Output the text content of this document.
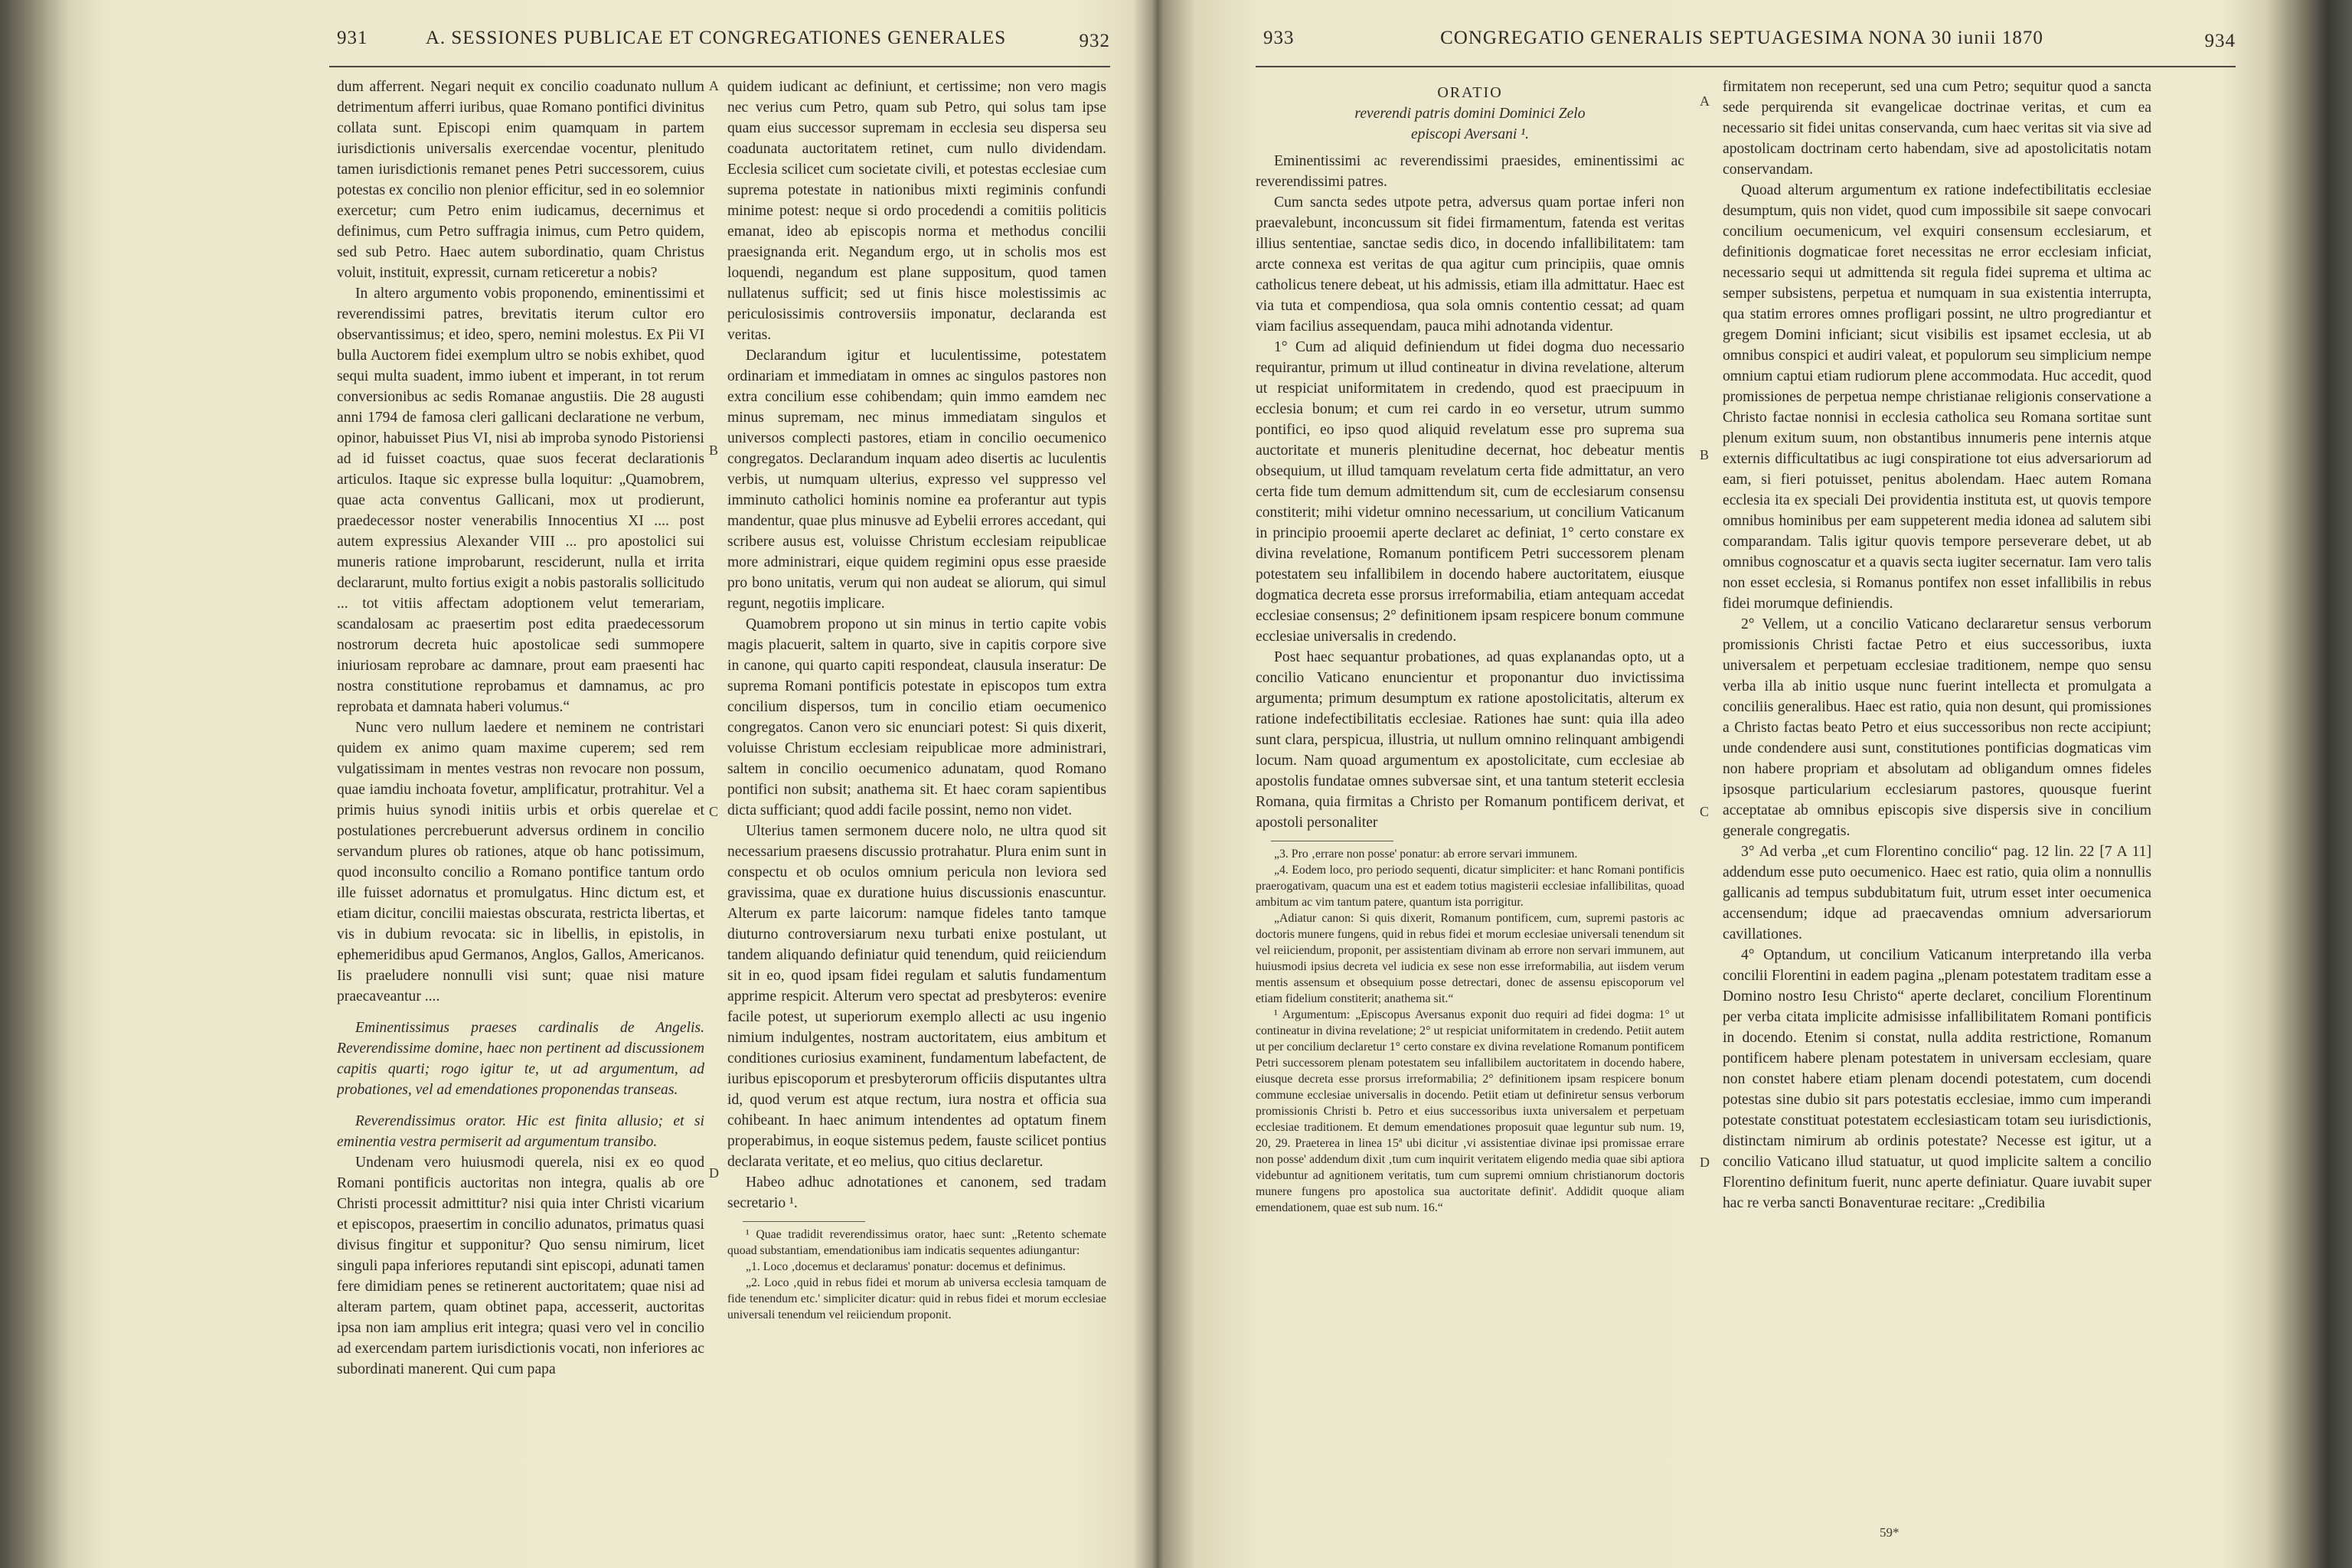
931	A. SESSIONES PUBLICAE ET CONGREGATIONES GENERALES	932

dum afferrent. Negari nequit ex concilio coadunato nullum detrimentum afferri iuribus, quae Romano pontifici divinitus collata sunt. Episcopi enim quamquam in partem iurisdictionis universalis exercendae vocentur, plenitudo tamen iurisdictionis remanet penes Petri successorem, cuius potestas ex concilio non plenior efficitur, sed in eo solemnior exercetur; cum Petro enim iudicamus, decernimus et definimus, cum Petro suffragia inimus, cum Petro quidem, sed sub Petro. Haec autem subordinatio, quam Christus voluit, instituit, expressit, curnam reticeretur a nobis?

In altero argumento vobis proponendo, eminentissimi et reverendissimi patres, brevitatis iterum cultor ero observantissimus; et ideo, spero, nemini molestus. Ex Pii VI bulla Auctorem fidei exemplum ultro se nobis exhibet, quod sequi multa suadent, immo iubent et imperant, in tot rerum conversionibus ac sedis Romanae angustiis. Die 28 augusti anni 1794 de famosa cleri gallicani declaratione ne verbum, opinor, habuisset Pius VI, nisi ab improba synodo Pistoriensi ad id fuisset coactus, quae suos fecerat declarationis articulos. Itaque sic expresse bulla loquitur: „Quamobrem, quae acta conventus Gallicani, mox ut prodierunt, praedecessor noster venerabilis Innocentius XI .... post autem expressius Alexander VIII ... pro apostolici sui muneris ratione improbarunt, resciderunt, nulla et irrita declararunt, multo fortius exigit a nobis pastoralis sollicitudo ... tot vitiis affectam adoptionem velut temerariam, scandalosam ac praesertim post edita praedecessorum nostrorum decreta huic apostolicae sedi summopere iniuriosam reprobare ac damnare, prout eam praesenti hac nostra constitutione reprobamus et damnamus, ac pro reprobata et damnata haberi volumus.“

Nunc vero nullum laedere et neminem ne contristari quidem ex animo quam maxime cuperem; sed rem vulgatissimam in mentes vestras non revocare non possum, quae iamdiu inchoata fovetur, amplificatur, protrahitur. Vel a primis huius synodi initiis urbis et orbis querelae et postulationes percrebuerunt adversus ordinem in concilio servandum plures ob rationes, atque ob hanc potissimum, quod inconsulto concilio a Romano pontifice tantum ordo ille fuisset adornatus et promulgatus. Hinc dictum est, et etiam dicitur, concilii maiestas obscurata, restricta libertas, et vis in dubium revocata: sic in libellis, in epistolis, in ephemeridibus apud Germanos, Anglos, Gallos, Americanos. Iis praeludere nonnulli visi sunt; quae nisi mature praecaveantur ....

Eminentissimus praeses cardinalis de Angelis. Reverendissime domine, haec non pertinent ad discussionem capitis quarti; rogo igitur te, ut ad argumentum, ad probationes, vel ad emendationes proponendas transeas.

Reverendissimus orator. Hic est finita allusio; et si eminentia vestra permiserit ad argumentum transibo.

Undenam vero huiusmodi querela, nisi ex eo quod Romani pontificis auctoritas non integra, qualis ab ore Christi processit admittitur? nisi quia inter Christi vicarium et episcopos, praesertim in concilio adunatos, primatus quasi divisus fingitur et supponitur? Quo sensu nimirum, licet singuli papa inferiores reputandi sint episcopi, adunati tamen fere dimidiam penes se retinerent auctoritatem; quae nisi ad alteram partem, quam obtinet papa, accesserit, auctoritas ipsa non iam amplius erit integra; quasi vero vel in concilio ad exercendam partem iurisdictionis vocati, non inferiores ac subordinati manerent. Qui cum papa

quidem iudicant ac definiunt, et certissime; non vero magis nec verius cum Petro, quam sub Petro, qui solus tam ipse quam eius successor supremam in ecclesia seu dispersa seu coadunata auctoritatem retinet, cum nullo dividendam. Ecclesia scilicet cum societate civili, et potestas ecclesiae cum suprema potestate in nationibus mixti regiminis confundi minime potest: neque si ordo procedendi a comitiis politicis emanat, ideo ab episcopis norma et methodus concilii praesignanda erit. Negandum ergo, ut in scholis mos est loquendi, negandum est plane suppositum, quod tamen nullatenus sufficit; sed ut finis hisce molestissimis ac periculosissimis controversiis imponatur, declaranda est veritas.

Declarandum igitur et luculentissime, potestatem ordinariam et immediatam in omnes ac singulos pastores non extra concilium esse cohibendam; quin immo eamdem nec minus supremam, nec minus immediatam singulos et universos complecti pastores, etiam in concilio oecumenico congregatos. Declarandum inquam adeo disertis ac luculentis verbis, ut numquam ulterius, expresso vel suppresso vel imminuto catholici hominis nomine ea proferantur aut typis mandentur, quae plus minusve ad Eybelii errores accedant, qui scribere ausus est, voluisse Christum ecclesiam reipublicae more administrari, eique quidem regimini opus esse praeside pro bono unitatis, verum qui non audeat se aliorum, qui simul regunt, negotiis implicare.

Quamobrem propono ut sin minus in tertio capite vobis magis placuerit, saltem in quarto, sive in capitis corpore sive in canone, qui quarto capiti respondeat, clausula inseratur: De suprema Romani pontificis potestate in episcopos tum extra concilium dispersos, tum in concilio etiam oecumenico congregatos. Canon vero sic enunciari potest: Si quis dixerit, voluisse Christum ecclesiam reipublicae more administrari, saltem in concilio oecumenico adunatam, quod Romano pontifici non subsit; anathema sit. Et haec coram sapientibus dicta sufficiant; quod addi facile possint, nemo non videt.

Ulterius tamen sermonem ducere nolo, ne ultra quod sit necessarium praesens discussio protrahatur. Plura enim sunt in conspectu et ob oculos omnium pericula non leviora sed gravissima, quae ex duratione huius discussionis enascuntur. Alterum ex parte laicorum: namque fideles tanto tamque diuturno controversiarum nexu turbati enixe postulant, ut tandem aliquando definiatur quid tenendum, quid reiiciendum sit in eo, quod ipsam fidei regulam et salutis fundamentum apprime respicit. Alterum vero spectat ad presbyteros: evenire facile potest, ut superiorum exemplo allecti ac usu ingenio nimium indulgentes, nostram auctoritatem, eius ambitum et conditiones curiosius examinent, fundamentum labefactent, de iuribus episcoporum et presbyterorum officiis disputantes ultra id, quod verum est atque rectum, iura nostra et officia sua cohibeant. In haec animum intendentes ad optatum finem properabimus, in eoque sistemus pedem, fauste scilicet pontius declarata veritate, et eo melius, quo citius declaretur.

Habeo adhuc adnotationes et canonem, sed tradam secretario ¹.

¹ Quae tradidit reverendissimus orator, haec sunt: „Retento schemate quoad substantiam, emendationibus iam indicatis sequentes adiungantur:

„1. Loco ‚docemus et declaramus' ponatur: docemus et definimus.

„2. Loco ‚quid in rebus fidei et morum ab universa ecclesia tamquam de fide tenendum etc.' simpliciter dicatur: quid in rebus fidei et morum ecclesiae universali tenendum vel reiiciendum proponit.

A
B
C
D
933	CONGREGATIO GENERALIS SEPTUAGESIMA NONA 30 iunii 1870	934

ORATIO

reverendi patris domini Dominici Zelo

episcopi Aversani ¹.

Eminentissimi ac reverendissimi praesides, eminentissimi ac reverendissimi patres.

Cum sancta sedes utpote petra, adversus quam portae inferi non praevalebunt, inconcussum sit fidei firmamentum, fatenda est veritas illius sententiae, sanctae sedis dico, in docendo infallibilitatem: tam arcte connexa est veritas de qua agitur cum principiis, quae omnis catholicus tenere debeat, ut his admissis, etiam illa admittatur. Haec est via tuta et compendiosa, qua sola omnis contentio cessat; ad quam viam facilius assequendam, pauca mihi adnotanda videntur.

1° Cum ad aliquid definiendum ut fidei dogma duo necessario requirantur, primum ut illud contineatur in divina revelatione, alterum ut respiciat uniformitatem in credendo, quod est praecipuum in ecclesia bonum; et cum rei cardo in eo versetur, utrum summo pontifici, eo ipso quod aliquid revelatum esse pro suprema sua auctoritate et muneris plenitudine decernat, hoc debeatur mentis obsequium, ut illud tamquam revelatum certa fide admittatur, an vero certa fide tum demum admittendum sit, cum de ecclesiarum consensu constiterit; mihi videtur omnino necessarium, ut concilium Vaticanum in principio prooemii aperte declaret ac definiat, 1° certo constare ex divina revelatione, Romanum pontificem Petri successorem plenam potestatem seu infallibilem in docendo habere auctoritatem, eiusque dogmatica decreta esse prorsus irreformabilia, etiam antequam accedat ecclesiae consensus; 2° definitionem ipsam respicere bonum commune ecclesiae universalis in credendo.

Post haec sequantur probationes, ad quas explanandas opto, ut a concilio Vaticano enuncientur et proponantur duo invictissima argumenta; primum desumptum ex ratione apostolicitatis, alterum ex ratione indefectibilitatis ecclesiae. Rationes hae sunt: quia illa adeo sunt clara, perspicua, illustria, ut nullum omnino relinquant ambigendi locum. Nam quoad argumentum ex apostolicitate, cum ecclesiae ab apostolis fundatae omnes subversae sint, et una tantum steterit ecclesia Romana, quia firmitas a Christo per Romanum pontificem derivat, et apostoli personaliter

„3. Pro ‚errare non posse' ponatur: ab errore servari immunem.

„4. Eodem loco, pro periodo sequenti, dicatur simpliciter: et hanc Romani pontificis praerogativam, quacum una est et eadem totius magisterii ecclesiae infallibilitas, quoad ambitum ac vim tantum patere, quantum ista porrigitur.

„Adiatur canon: Si quis dixerit, Romanum pontificem, cum, supremi pastoris ac doctoris munere fungens, quid in rebus fidei et morum ecclesiae universali tenendum sit vel reiiciendum, proponit, per assistentiam divinam ab errore non servari immunem, aut huiusmodi ipsius decreta vel iudicia ex sese non esse irreformabilia, aut iisdem verum mentis assensum et obsequium posse detrectari, donec de assensu episcoporum vel etiam fidelium constiterit; anathema sit.“

¹ Argumentum: „Episcopus Aversanus exponit duo requiri ad fidei dogma: 1° ut contineatur in divina revelatione; 2° ut respiciat uniformitatem in credendo. Petiit autem ut per concilium declaretur 1° certo constare ex divina revelatione Romanum pontificem Petri successorem plenam potestatem seu infallibilem auctoritatem in docendo habere, eiusque decreta esse prorsus irreformabilia; 2° definitionem ipsam respicere bonum commune ecclesiae universalis in docendo. Petiit etiam ut definiretur sensus verborum promissionis Christi b. Petro et eius successoribus iuxta universalem et perpetuam ecclesiae traditionem. Et demum emendationes proposuit quae leguntur sub num. 19, 20, 29. Praeterea in linea 15ª ubi dicitur ‚vi assistentiae divinae ipsi promissae errare non posse' addendum dixit ‚tum cum inquirit veritatem eligendo media quae sibi aptiora videbuntur ad agnitionem veritatis, tum cum supremi omnium christianorum doctoris munere fungens pro apostolica sua auctoritate definit'. Addidit quoque aliam emendationem, quae est sub num. 16.“

firmitatem non receperunt, sed una cum Petro; sequitur quod a sancta sede perquirenda sit evangelicae doctrinae veritas, et cum ea necessario sit fidei unitas conservanda, cum haec veritas sit via sive ad apostolicam doctrinam certo habendam, sive ad apostolicitatis notam conservandam.

Quoad alterum argumentum ex ratione indefectibilitatis ecclesiae desumptum, quis non videt, quod cum impossibile sit saepe convocari concilium oecumenicum, vel exquiri consensum ecclesiarum, et definitionis dogmaticae foret necessitas ne error ecclesiam inficiat, necessario sequi ut admittenda sit regula fidei suprema et ultima ac semper subsistens, perpetua et numquam in sua existentia interrupta, qua statim errores omnes profligari possint, ne ultro progrediantur et gregem Domini inficiant; sicut visibilis est ipsamet ecclesia, ut ab omnibus conspici et audiri valeat, et populorum seu simplicium nempe omnium captui etiam rudiorum plene accommodata. Huc accedit, quod promissiones de perpetua nempe christianae religionis conservatione a Christo factae nonnisi in ecclesia catholica seu Romana sortitae sunt plenum exitum suum, non obstantibus innumeris pene internis atque externis difficultatibus ac iugi conspiratione tot eius adversariorum ad eam, si fieri potuisset, penitus abolendam. Haec autem Romana ecclesia ita ex speciali Dei providentia instituta est, ut quovis tempore omnibus hominibus per eam suppeterent media idonea ad salutem sibi comparandam. Talis igitur quovis tempore perseverare debet, ut ab omnibus cognoscatur et a quavis secta iugiter secernatur. Iam vero talis non esset ecclesia, si Romanus pontifex non esset infallibilis in rebus fidei morumque definiendis.

2° Vellem, ut a concilio Vaticano declararetur sensus verborum promissionis Christi factae Petro et eius successoribus, iuxta universalem et perpetuam ecclesiae traditionem, nempe quo sensu verba illa ab initio usque nunc fuerint intellecta et promulgata a conciliis generalibus. Haec est ratio, quia non desunt, qui promissiones a Christo factas beato Petro et eius successoribus non recte accipiunt; unde condendere ausi sunt, constitutiones pontificias dogmaticas vim non habere propriam et absolutam ad obligandum omnes fideles ipsosque particularium ecclesiarum pastores, quousque fuerint acceptatae ab omnibus episcopis sive dispersis sive in concilium generale congregatis.

3° Ad verba „et cum Florentino concilio“ pag. 12 lin. 22 [7 A 11] addendum esse puto oecumenico. Haec est ratio, quia olim a nonnullis gallicanis ad tempus subdubitatum fuit, utrum esset inter oecumenica accensendum; idque ad praecavendas omnium adversariorum cavillationes.

4° Optandum, ut concilium Vaticanum interpretando illa verba concilii Florentini in eadem pagina „plenam potestatem traditam esse a Domino nostro Iesu Christo“ aperte declaret, concilium Florentinum per verba citata implicite admisisse infallibilitatem Romani pontificis in docendo. Etenim si constat, nulla addita restrictione, Romanum pontificem habere plenam potestatem in universam ecclesiam, quare non constet habere etiam plenam docendi potestatem, cum docendi potestas sine dubio sit pars potestatis ecclesiae, immo cum imperandi potestate constituat potestatem ecclesiasticam totam seu iurisdictionis, distinctam nimirum ab ordinis potestate? Necesse est igitur, ut a concilio Vaticano illud statuatur, ut quod implicite saltem a concilio Florentino definitum fuerit, nunc aperte definiatur. Quare iuvabit super hac re verba sancti Bonaventurae recitare: „Credibilia

A
B
C
D
59*
